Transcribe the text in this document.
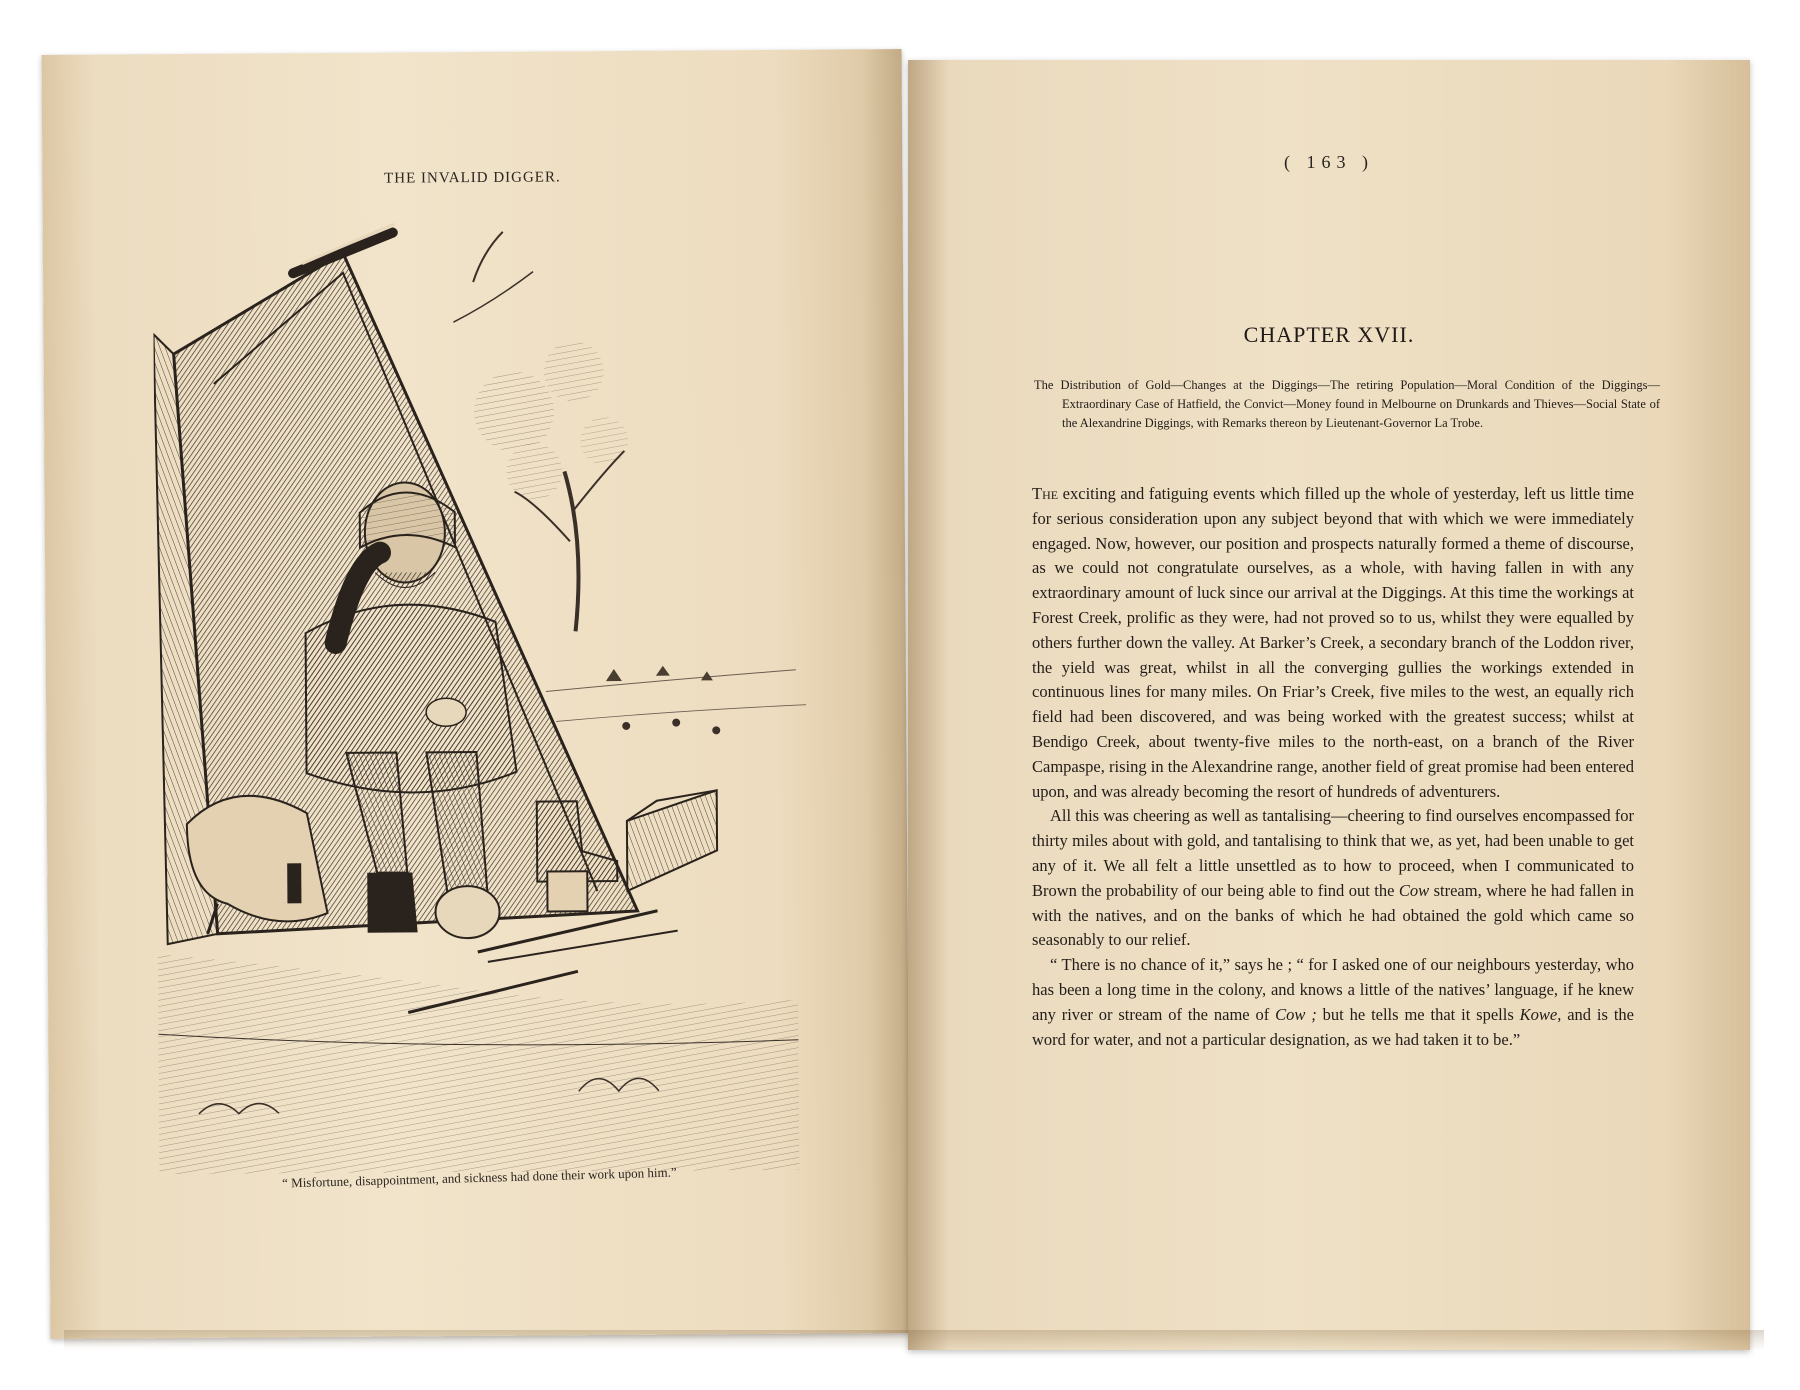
THE INVALID DIGGER.
“ Misfortune, disappointment, and sickness had done their work upon him.”
( 163 )
CHAPTER XVII.
The Distribution of Gold—Changes at the Diggings—The retiring Population—Moral Condition of the Diggings—Extraordinary Case of Hatfield, the Convict—Money found in Melbourne on Drunkards and Thieves—Social State of the Alexandrine Diggings, with Remarks thereon by Lieutenant-Governor La Trobe.

The exciting and fatiguing events which filled up the whole of yesterday, left us little time for serious consideration upon any subject beyond that with which we were immediately engaged. Now, however, our position and prospects naturally formed a theme of discourse, as we could not congratulate ourselves, as a whole, with having fallen in with any extraordinary amount of luck since our arrival at the Diggings. At this time the workings at Forest Creek, prolific as they were, had not proved so to us, whilst they were equalled by others further down the valley. At Barker’s Creek, a secondary branch of the Loddon river, the yield was great, whilst in all the converging gullies the workings extended in continuous lines for many miles. On Friar’s Creek, five miles to the west, an equally rich field had been discovered, and was being worked with the greatest success; whilst at Bendigo Creek, about twenty-five miles to the north-east, on a branch of the River Campaspe, rising in the Alexandrine range, another field of great promise had been entered upon, and was already becoming the resort of hundreds of adventurers.

All this was cheering as well as tantalising—cheering to find ourselves encompassed for thirty miles about with gold, and tantalising to think that we, as yet, had been unable to get any of it. We all felt a little unsettled as to how to proceed, when I communicated to Brown the probability of our being able to find out the Cow stream, where he had fallen in with the natives, and on the banks of which he had obtained the gold which came so seasonably to our relief.

“ There is no chance of it,” says he ; “ for I asked one of our neighbours yesterday, who has been a long time in the colony, and knows a little of the natives’ language, if he knew any river or stream of the name of Cow ; but he tells me that it spells Kowe, and is the word for water, and not a particular designation, as we had taken it to be.”
